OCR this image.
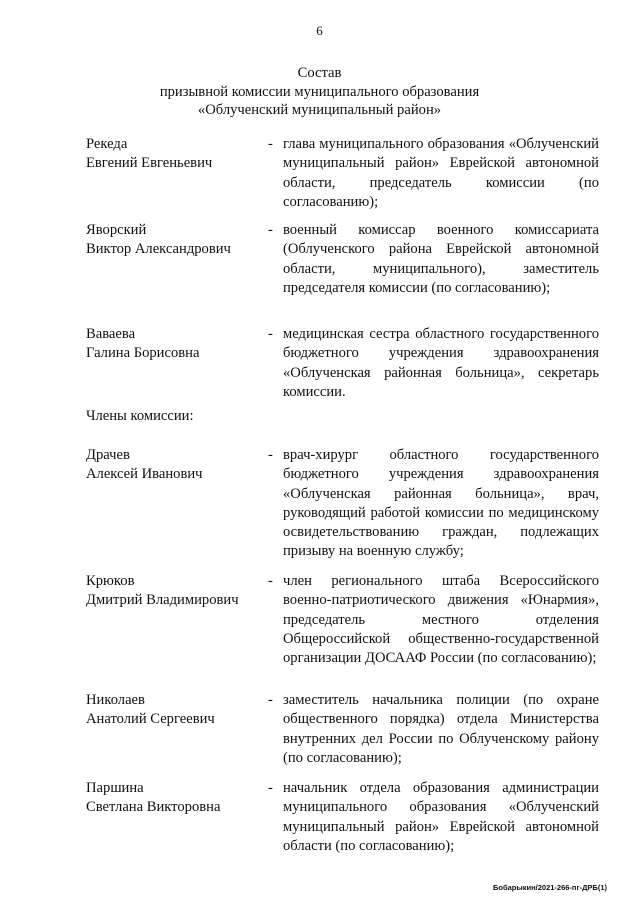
6
Состав
призывной комиссии муниципального образования
«Облученский муниципальный район»
Рекеда
Евгений Евгеньевич
- глава муниципального образования «Облученский муниципальный район» Еврейской автономной области, председатель комиссии (по согласованию);
Яворский
Виктор Александрович
- военный комиссар военного комиссариата (Облученского района Еврейской автономной области, муниципального), заместитель председателя комиссии (по согласованию);
Ваваева
Галина Борисовна
- медицинская сестра областного государственного бюджетного учреждения здравоохранения «Облученская районная больница», секретарь комиссии.
Члены комиссии:
Драчев
Алексей Иванович
- врач-хирург областного государственного бюджетного учреждения здравоохранения «Облученская районная больница», врач, руководящий работой комиссии по медицинскому освидетельствованию граждан, подлежащих призыву на военную службу;
Крюков
Дмитрий Владимирович
- член регионального штаба Всероссийского военно-патриотического движения «Юнармия», председатель местного отделения Общероссийской общественно-государственной организации ДОСААФ России (по согласованию);
Николаев
Анатолий Сергеевич
- заместитель начальника полиции (по охране общественного порядка) отдела Министерства внутренних дел России по Облученскому району (по согласованию);
Паршина
Светлана Викторовна
- начальник отдела образования администрации муниципального образования «Облученский муниципальный район» Еврейской автономной области (по согласованию);
Бобарыкин/2021-266-пг-ДРБ(1)
